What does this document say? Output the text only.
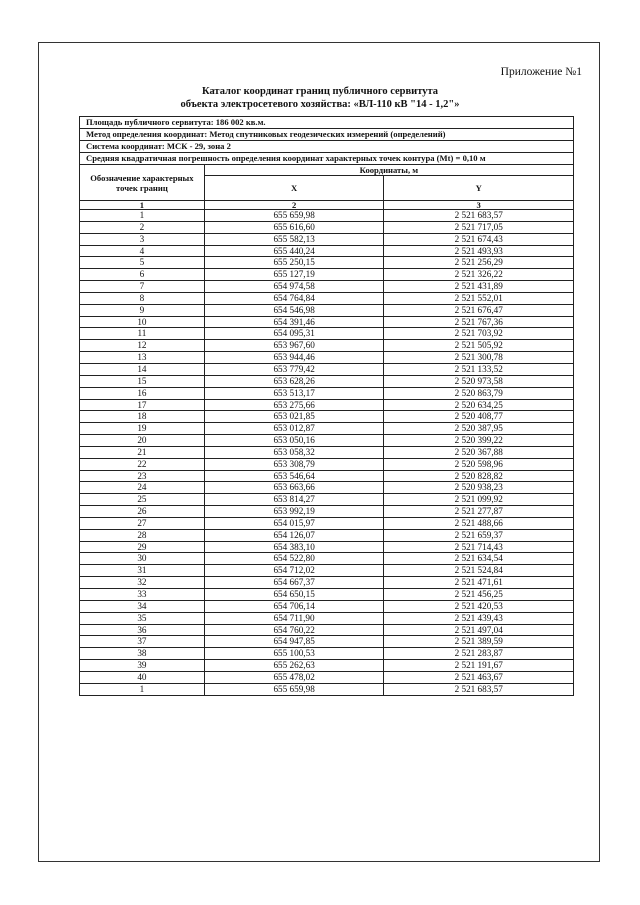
Приложение №1
Каталог координат границ публичного сервитута
объекта электросетевого хозяйства: «ВЛ-110 кВ "14 - 1,2"»
Площадь публичного сервитута: 186 002 кв.м.		
Метод определения координат: Метод спутниковых геодезических измерений (определений)		
Система координат: МСК - 29, зона 2		
Средняя квадратичная погрешность определения координат характерных точек контура (Mt) = 0,10 м		
Обозначение характерных точек границ	Координаты, м	
	X	Y
1	2	3
1	655 659,98	2 521 683,57
2	655 616,60	2 521 717,05
3	655 582,13	2 521 674,43
4	655 440,24	2 521 493,93
5	655 250,15	2 521 256,29
6	655 127,19	2 521 326,22
7	654 974,58	2 521 431,89
8	654 764,84	2 521 552,01
9	654 546,98	2 521 676,47
10	654 391,46	2 521 767,36
11	654 095,31	2 521 703,92
12	653 967,60	2 521 505,92
13	653 944,46	2 521 300,78
14	653 779,42	2 521 133,52
15	653 628,26	2 520 973,58
16	653 513,17	2 520 863,79
17	653 275,66	2 520 634,25
18	653 021,85	2 520 408,77
19	653 012,87	2 520 387,95
20	653 050,16	2 520 399,22
21	653 058,32	2 520 367,88
22	653 308,79	2 520 598,96
23	653 546,64	2 520 828,82
24	653 663,66	2 520 938,23
25	653 814,27	2 521 099,92
26	653 992,19	2 521 277,87
27	654 015,97	2 521 488,66
28	654 126,07	2 521 659,37
29	654 383,10	2 521 714,43
30	654 522,80	2 521 634,54
31	654 712,02	2 521 524,84
32	654 667,37	2 521 471,61
33	654 650,15	2 521 456,25
34	654 706,14	2 521 420,53
35	654 711,90	2 521 439,43
36	654 760,22	2 521 497,04
37	654 947,85	2 521 389,59
38	655 100,53	2 521 283,87
39	655 262,63	2 521 191,67
40	655 478,02	2 521 463,67
1	655 659,98	2 521 683,57
